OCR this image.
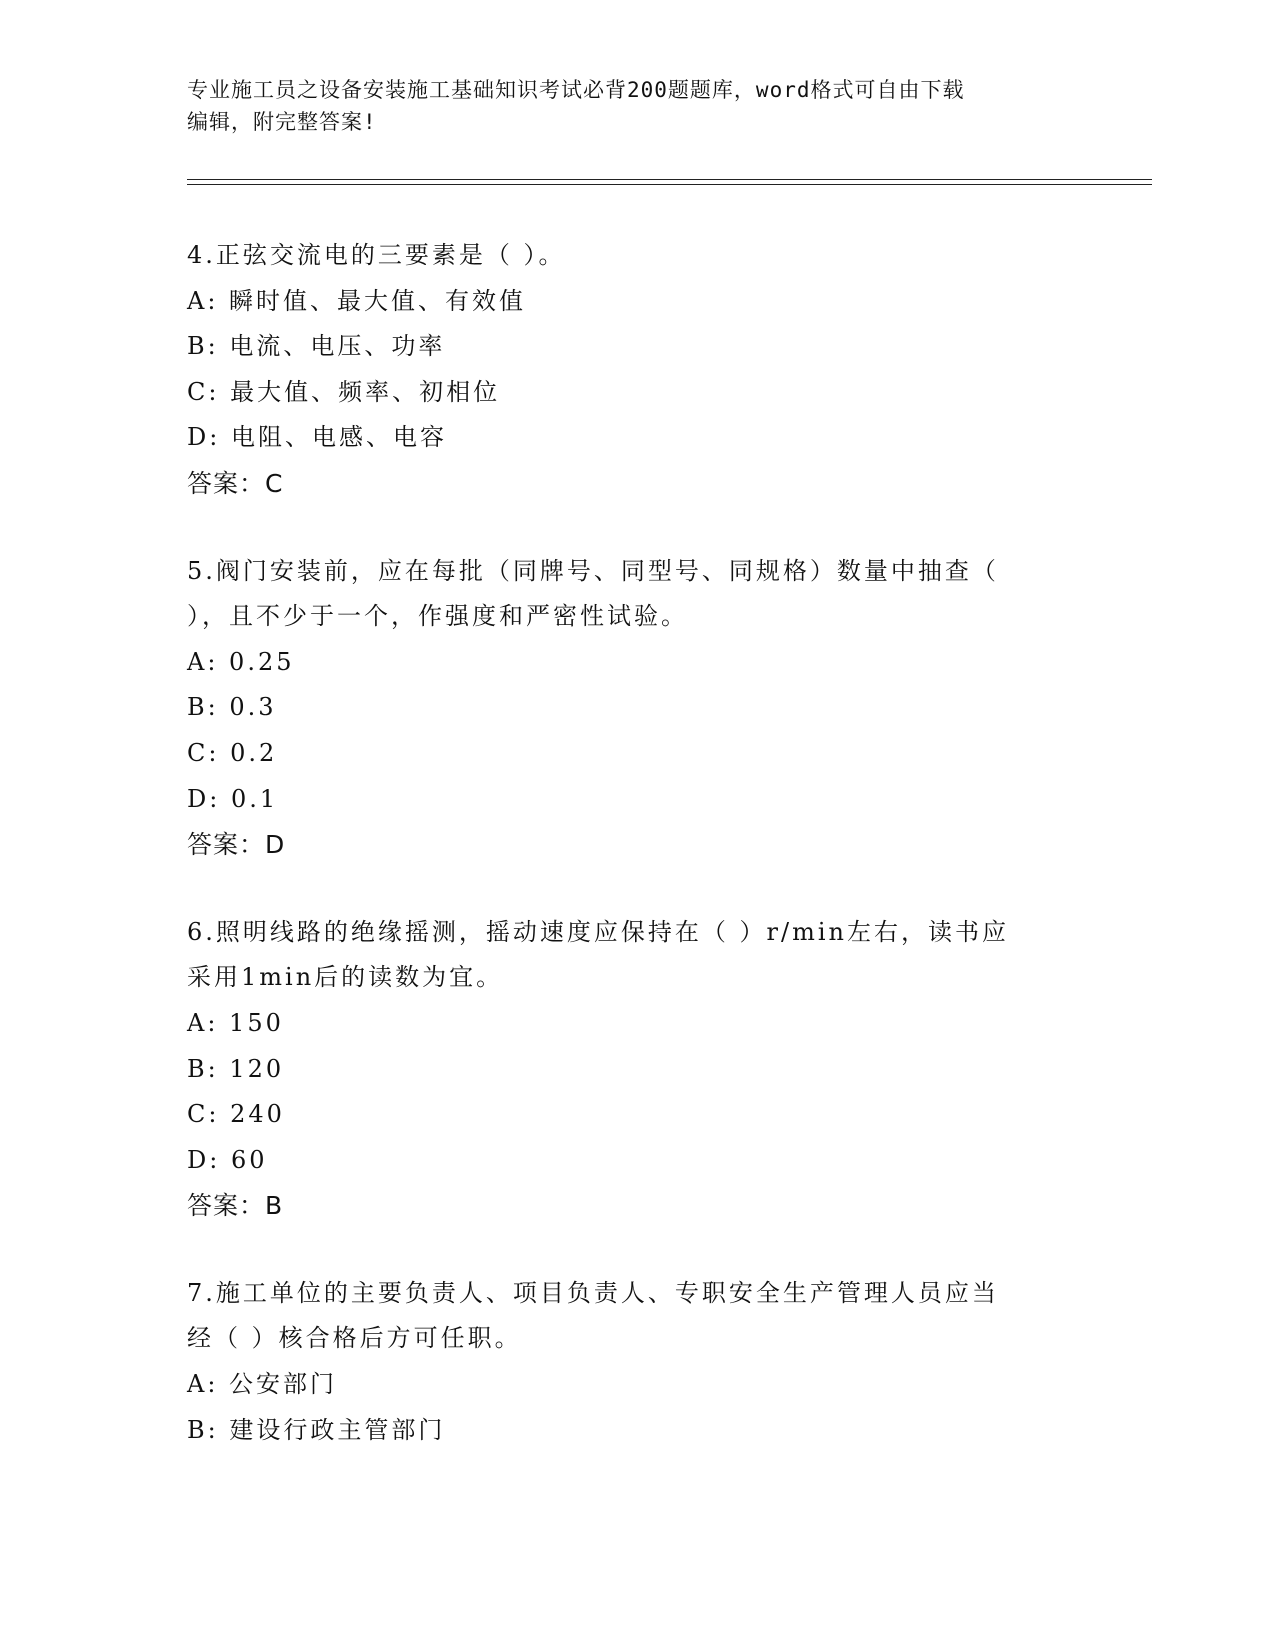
专业施工员之设备安装施工基础知识考试必背200题题库，word格式可自由下载

编辑，附完整答案!

4.正弦交流电的三要素是（ ）。
A: 瞬时值、最大值、有效值
B: 电流、电压、功率
C: 最大值、频率、初相位
D: 电阻、电感、电容
答案：C
5.阀门安装前，应在每批（同牌号、同型号、同规格）数量中抽查（
），且不少于一个，作强度和严密性试验。
A: 0.25
B: 0.3
C: 0.2
D: 0.1
答案：D
6.照明线路的绝缘摇测，摇动速度应保持在（ ）r/min左右，读书应
采用1min后的读数为宜。
A: 150
B: 120
C: 240
D: 60
答案：B
7.施工单位的主要负责人、项目负责人、专职安全生产管理人员应当
经（ ）核合格后方可任职。
A: 公安部门
B: 建设行政主管部门
